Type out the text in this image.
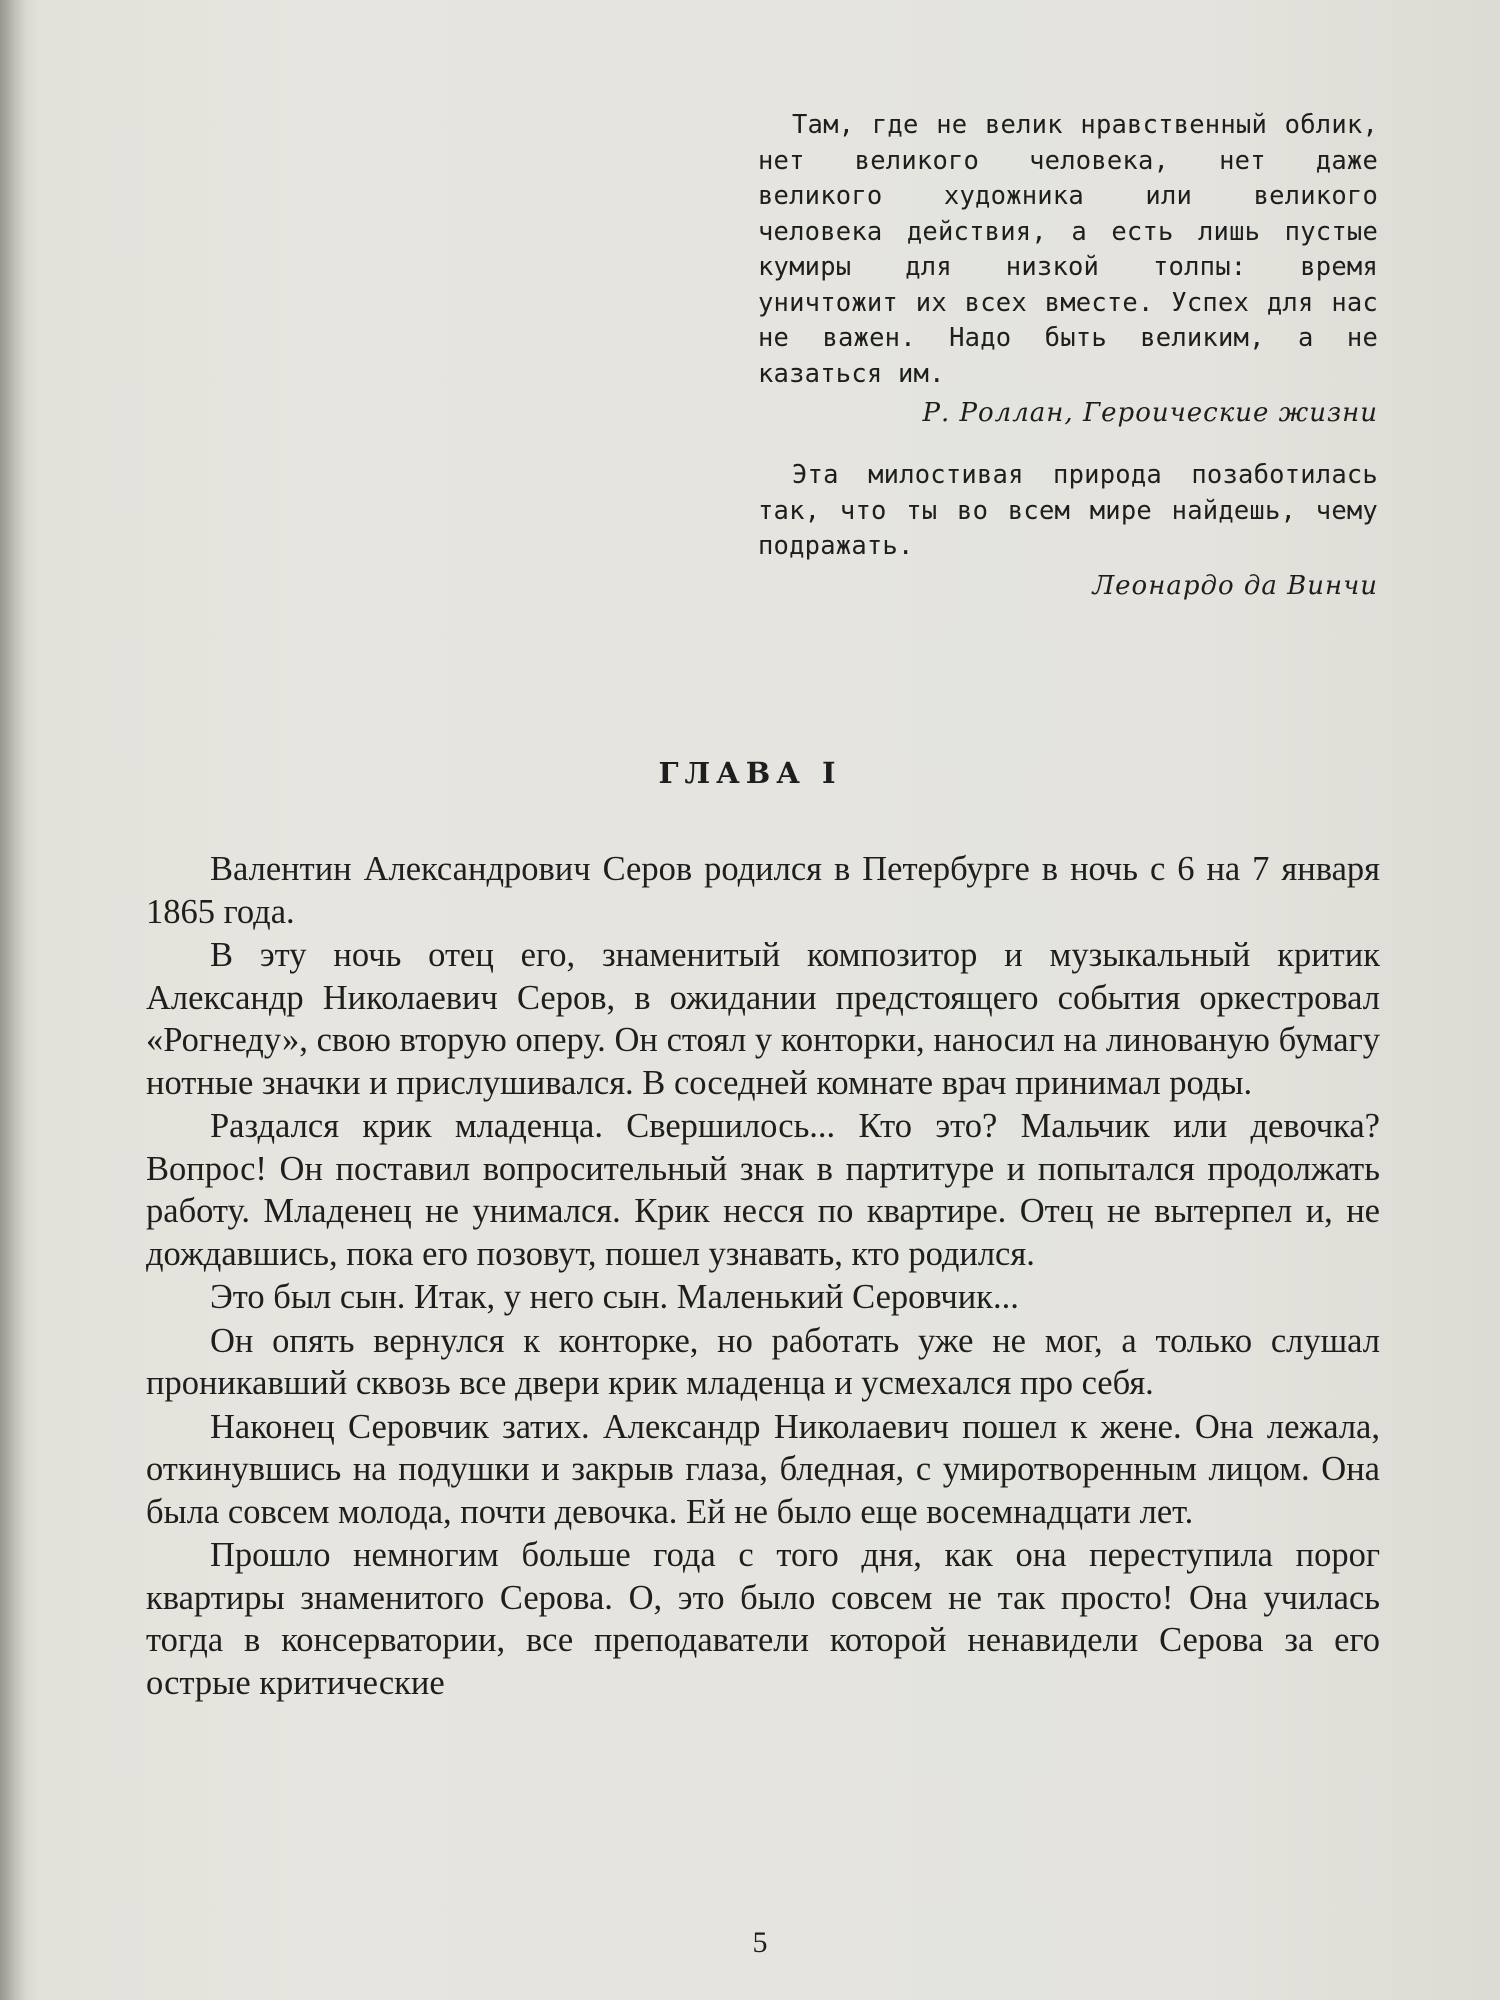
Там, где не велик нравственный облик, нет великого человека, нет даже великого художника или великого человека действия, а есть лишь пустые кумиры для низкой толпы: время уничтожит их всех вместе. Успех для нас не важен. Надо быть великим, а не казаться им.

Р. Роллан, Героические жизни

Эта милостивая природа позаботилась так, что ты во всем мире найдешь, чему подражать.

Леонардо да Винчи
ГЛАВА I

Валентин Александрович Серов родился в Петербурге в ночь с 6 на 7 января 1865 года.

В эту ночь отец его, знаменитый композитор и музыкальный критик Александр Николаевич Серов, в ожидании предстоящего события оркестровал «Рогнеду», свою вторую оперу. Он стоял у конторки, наносил на линованую бумагу нотные значки и прислушивался. В соседней комнате врач принимал роды.

Раздался крик младенца. Свершилось... Кто это? Мальчик или девочка? Вопрос! Он поставил вопросительный знак в партитуре и попытался продолжать работу. Младенец не унимался. Крик несся по квартире. Отец не вытерпел и, не дождавшись, пока его позовут, пошел узнавать, кто родился.

Это был сын. Итак, у него сын. Маленький Серовчик...

Он опять вернулся к конторке, но работать уже не мог, а только слушал проникавший сквозь все двери крик младенца и усмехался про себя.

Наконец Серовчик затих. Александр Николаевич пошел к жене. Она лежала, откинувшись на подушки и закрыв глаза, бледная, с умиротворенным лицом. Она была совсем молода, почти девочка. Ей не было еще восемнадцати лет.

Прошло немногим больше года с того дня, как она переступила порог квартиры знаменитого Серова. О, это было совсем не так просто! Она училась тогда в консерватории, все преподаватели которой ненавидели Серова за его острые критические

5
